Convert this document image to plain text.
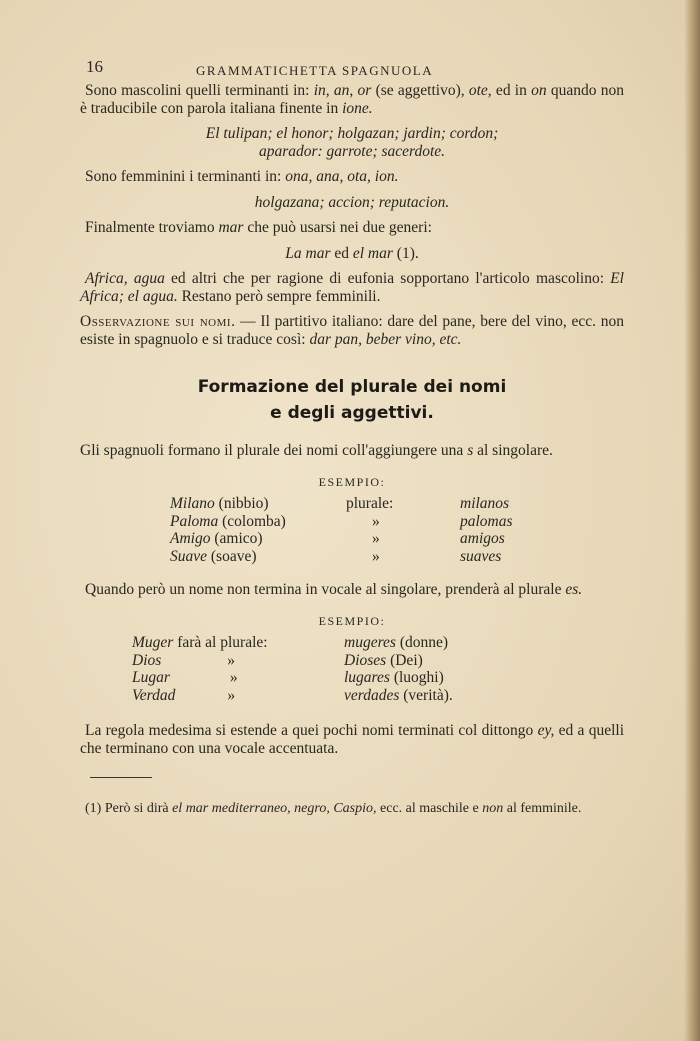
16	GRAMMATICHETTA SPAGNUOLA

Sono mascolini quelli terminanti in: in, an, or (se aggettivo), ote, ed in on quando non è traducibile con parola italiana finente in ione.

El tulipan; el honor; holgazan; jardin; cordon;
aparador: garrote; sacerdote.

Sono femminini i terminanti in: ona, ana, ota, ion.

holgazana; accion; reputacion.

Finalmente troviamo mar che può usarsi nei due generi:

La mar ed el mar (1).

Africa, agua ed altri che per ragione di eufonia sopportano l'articolo mascolino: El Africa; el agua. Restano però sempre femminili.

Osservazione sui nomi. — Il partitivo italiano: dare del pane, bere del vino, ecc. non esiste in spagnuolo e si traduce così: dar pan, beber vino, etc.

Formazione del plurale dei nomi
e degli aggettivi.

Gli spagnuoli formano il plurale dei nomi coll'aggiungere una s al singolare.

ESEMPIO:
Milano (nibbio)	plurale:	milanos
Paloma (colomba)	»	palomas
Amigo (amico)	»	amigos
Suave (soave)	»	suaves

Quando però un nome non termina in vocale al singolare, prenderà al plurale es.

ESEMPIO:
Muger farà al plurale:	mugeres (donne)
Dios »	Dioses (Dei)
Lugar »	lugares (luoghi)
Verdad »	verdades (verità).

La regola medesima si estende a quei pochi nomi terminati col dittongo ey, ed a quelli che terminano con una vocale accentuata.

(1) Però si dirà el mar mediterraneo, negro, Caspio, ecc. al maschile e non al femminile.
